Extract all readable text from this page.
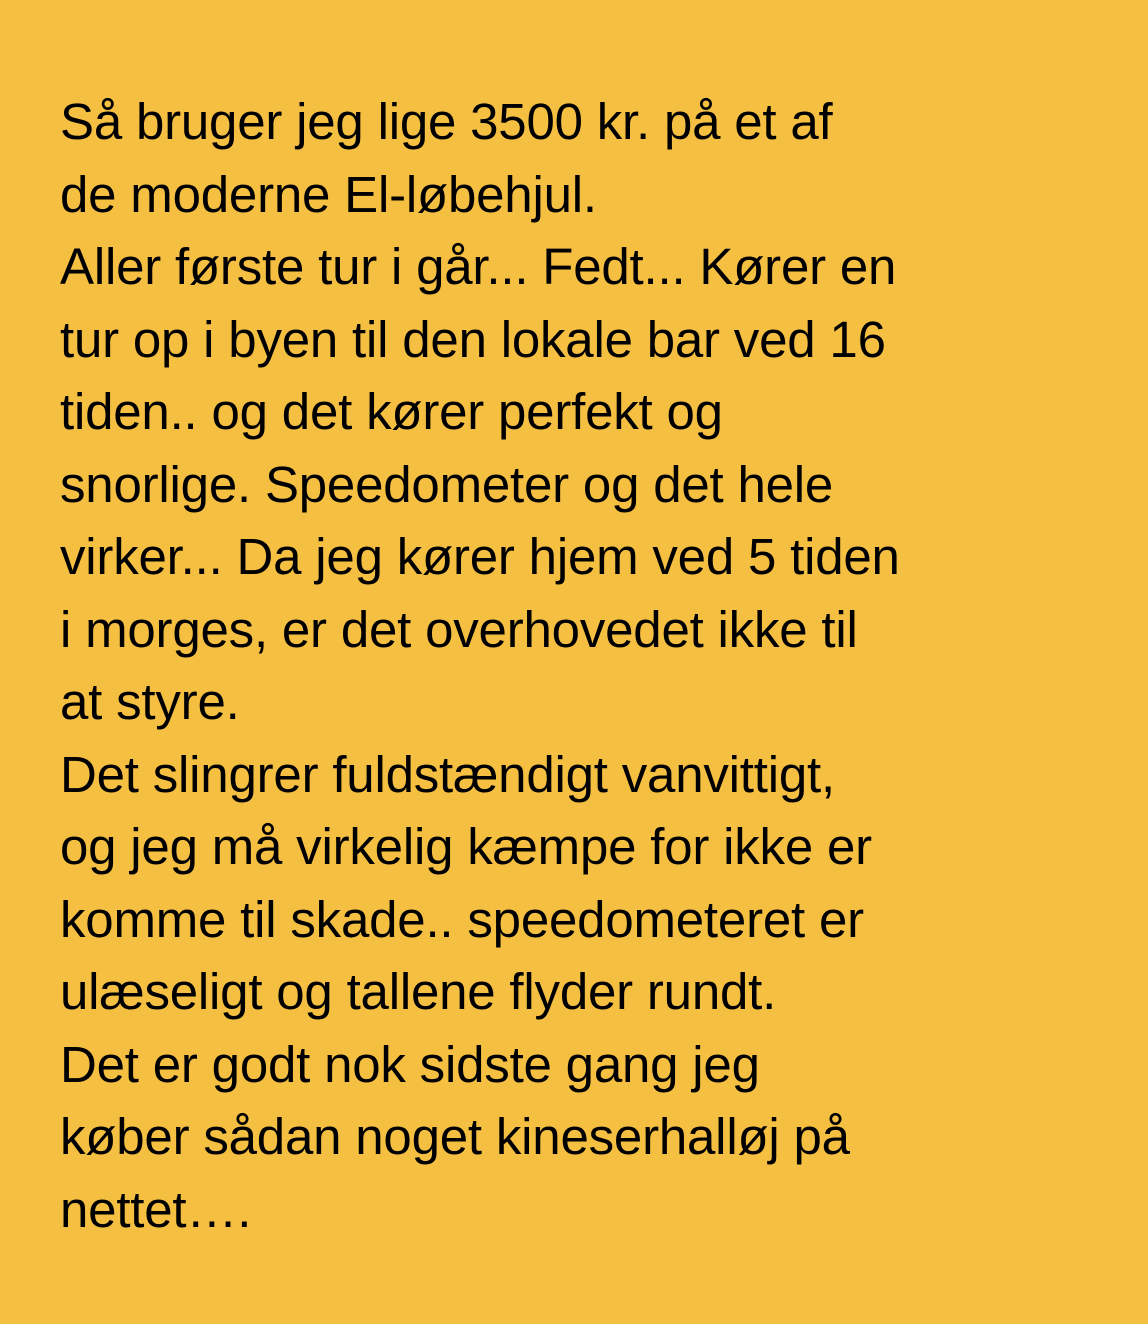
Så bruger jeg lige 3500 kr. på et af
de moderne El-løbehjul.
Aller første tur i går... Fedt... Kører en
tur op i byen til den lokale bar ved 16
tiden.. og det kører perfekt og
snorlige. Speedometer og det hele
virker... Da jeg kører hjem ved 5 tiden
i morges, er det overhovedet ikke til
at styre.
Det slingrer fuldstændigt vanvittigt,
og jeg må virkelig kæmpe for ikke er
komme til skade.. speedometeret er
ulæseligt og tallene flyder rundt.
Det er godt nok sidste gang jeg
køber sådan noget kineserhalløj på
nettet….
